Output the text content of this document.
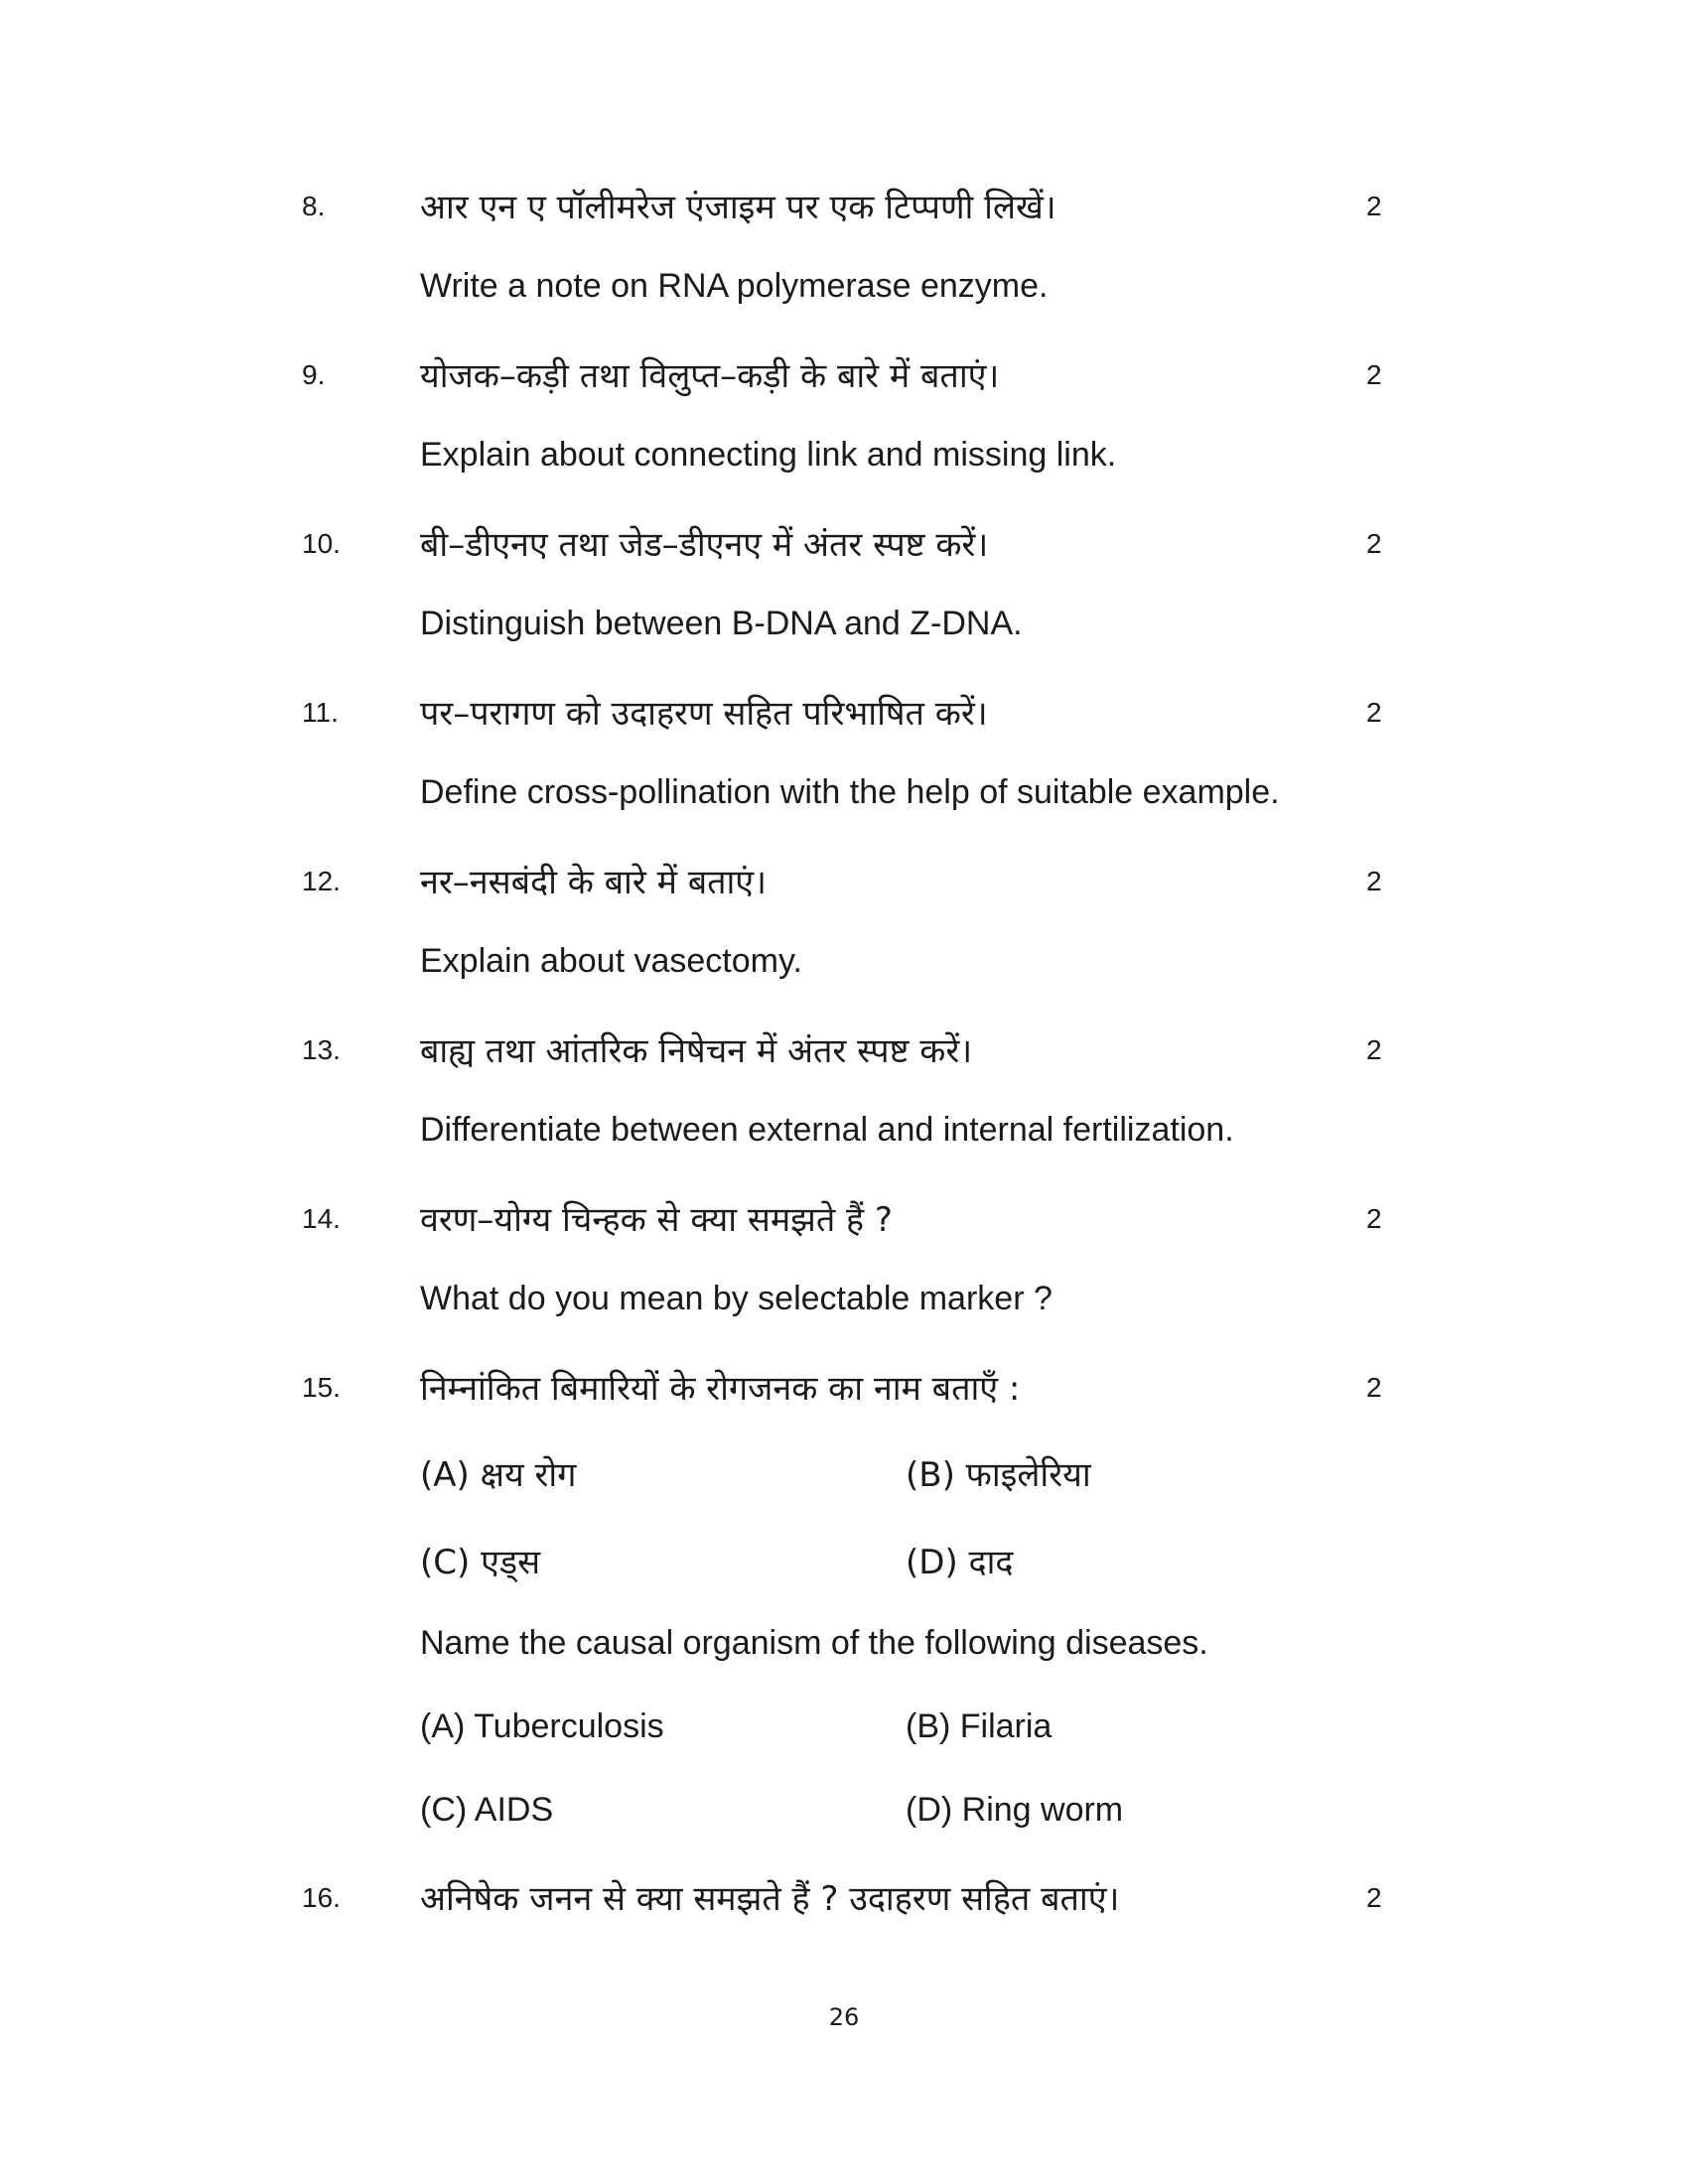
8.	आर एन ए पॉलीमरेज एंजाइम पर एक टिप्पणी लिखें।	2
Write a note on RNA polymerase enzyme.
9.	योजक–कड़ी तथा विलुप्त–कड़ी के बारे में बताएं।	2
Explain about connecting link and missing link.
10. बी–डीएनए तथा जेड–डीएनए में अंतर स्पष्ट करें।	2
Distinguish between B-DNA and Z-DNA.
11. पर–परागण को उदाहरण सहित परिभाषित करें।	2
Define cross-pollination with the help of suitable example.
12. नर–नसबंदी के बारे में बताएं।	2
Explain about vasectomy.
13. बाह्य तथा आंतरिक निषेचन में अंतर स्पष्ट करें।	2
Differentiate between external and internal fertilization.
14. वरण–योग्य चिन्हक से क्या समझते हैं ?	2
What do you mean by selectable marker ?
15. निम्नांकित बिमारियों के रोगजनक का नाम बताएँ :	2
(A) क्षय रोग	(B) फाइलेरिया
(C) एड्स	(D) दाद
Name the causal organism of the following diseases.
(A) Tuberculosis	(B) Filaria
(C) AIDS	(D) Ring worm
16. अनिषेक जनन से क्या समझते हैं ? उदाहरण सहित बताएं।	2
26
